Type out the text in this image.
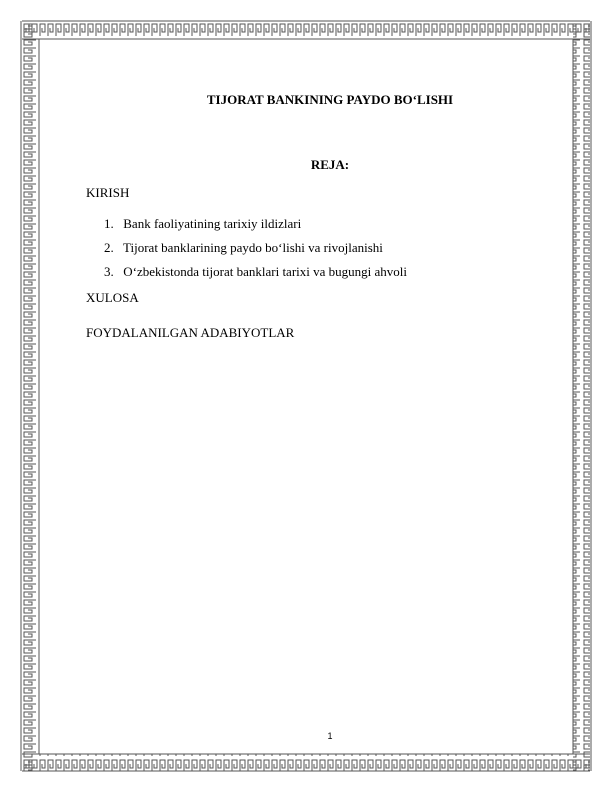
TIJORAT BANKINING PAYDO BO‘LISHI
REJA:
KIRISH
1. Bank faoliyatining tarixiy ildizlari
2. Tijorat banklarining paydo bo‘lishi va rivojlanishi
3. O‘zbekistonda tijorat banklari tarixi va bugungi ahvoli
XULOSA
FOYDALANILGAN ADABIYOTLAR
1
